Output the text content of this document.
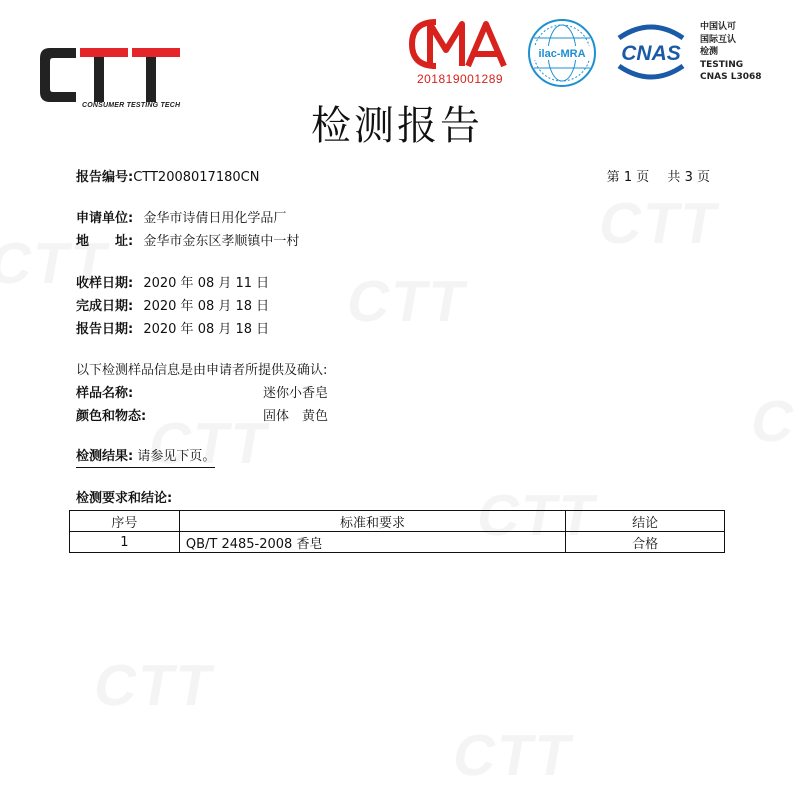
CONSUMER TESTING TECH
201819001289
ilac-MRA CNAS
中国认可
国际互认
检测
TESTING
CNAS L3068
检测报告
报告编号:CTT2008017180CN	第 1 页 共 3 页
申请单位: 金华市诗倩日用化学品厂
地　　址: 金华市金东区孝顺镇中一村
收样日期: 2020 年 08 月 11 日
完成日期: 2020 年 08 月 18 日
报告日期: 2020 年 08 月 18 日
以下检测样品信息是由申请者所提供及确认:
样品名称:	迷你小香皂
颜色和物态:	固体　黄色
检测结果: 请参见下页。
检测要求和结论:
序号	标准和要求	结论
1	QB/T 2485-2008 香皂	合格
